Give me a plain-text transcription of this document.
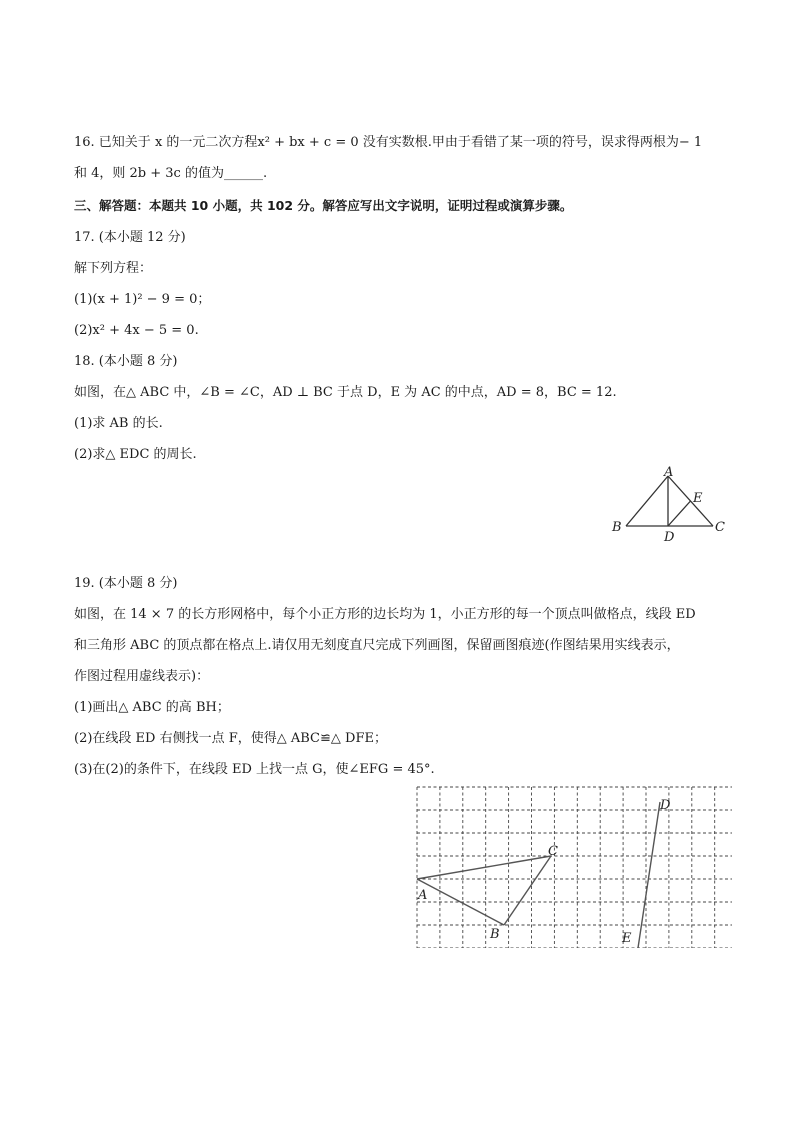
16. 已知关于 x 的一元二次方程x² + bx + c = 0 没有实数根.甲由于看错了某一项的符号，误求得两根为− 1
和 4，则 2b + 3c 的值为______.
三、解答题：本题共 10 小题，共 102 分。解答应写出文字说明，证明过程或演算步骤。
17. (本小题 12 分)
解下列方程：
(1)(x + 1)² − 9 = 0；
(2)x² + 4x − 5 = 0.
18. (本小题 8 分)
如图，在△ ABC 中，∠B = ∠C，AD ⊥ BC 于点 D，E 为 AC 的中点，AD = 8，BC = 12.
(1)求 AB 的长.
(2)求△ EDC 的周长.
A
B	C
D
E
19. (本小题 8 分)
如图，在 14 × 7 的长方形网格中，每个小正方形的边长均为 1，小正方形的每一个顶点叫做格点，线段 ED
和三角形 ABC 的顶点都在格点上.请仅用无刻度直尺完成下列画图，保留画图痕迹(作图结果用实线表示，
作图过程用虚线表示)：
(1)画出△ ABC 的高 BH；
(2)在线段 ED 右侧找一点 F，使得△ ABC≌△ DFE；
(3)在(2)的条件下，在线段 ED 上找一点 G，使∠EFG = 45°.
A
B
C
D
E
